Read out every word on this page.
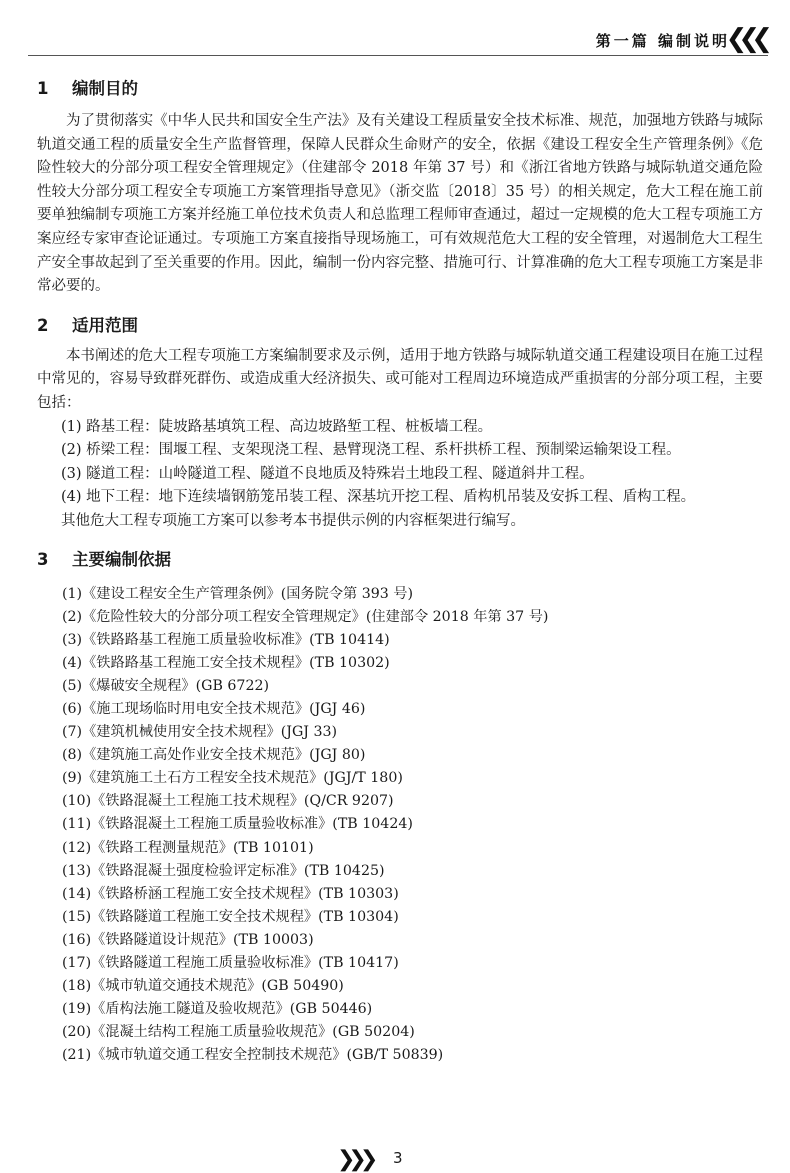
第一篇 编制说明
❮❮❮
1 编制目的

为了贯彻落实《中华人民共和国安全生产法》及有关建设工程质量安全技术标准、规范，加强地方铁路与城际轨道交通工程的质量安全生产监督管理，保障人民群众生命财产的安全，依据《建设工程安全生产管理条例》《危险性较大的分部分项工程安全管理规定》（住建部令 2018 年第 37 号）和《浙江省地方铁路与城际轨道交通危险性较大分部分项工程安全专项施工方案管理指导意见》（浙交监〔2018〕35 号）的相关规定，危大工程在施工前要单独编制专项施工方案并经施工单位技术负责人和总监理工程师审查通过，超过一定规模的危大工程专项施工方案应经专家审查论证通过。专项施工方案直接指导现场施工，可有效规范危大工程的安全管理，对遏制危大工程生产安全事故起到了至关重要的作用。因此，编制一份内容完整、措施可行、计算准确的危大工程专项施工方案是非常必要的。

2 适用范围

本书阐述的危大工程专项施工方案编制要求及示例，适用于地方铁路与城际轨道交通工程建设项目在施工过程中常见的，容易导致群死群伤、或造成重大经济损失、或可能对工程周边环境造成严重损害的分部分项工程，主要包括：

(1) 路基工程：陡坡路基填筑工程、高边坡路堑工程、桩板墙工程。

(2) 桥梁工程：围堰工程、支架现浇工程、悬臂现浇工程、系杆拱桥工程、预制梁运输架设工程。

(3) 隧道工程：山岭隧道工程、隧道不良地质及特殊岩土地段工程、隧道斜井工程。

(4) 地下工程：地下连续墙钢筋笼吊装工程、深基坑开挖工程、盾构机吊装及安拆工程、盾构工程。

其他危大工程专项施工方案可以参考本书提供示例的内容框架进行编写。

3 主要编制依据
(1)《建设工程安全生产管理条例》(国务院令第 393 号)
(2)《危险性较大的分部分项工程安全管理规定》(住建部令 2018 年第 37 号)
(3)《铁路路基工程施工质量验收标准》(TB 10414)
(4)《铁路路基工程施工安全技术规程》(TB 10302)
(5)《爆破安全规程》(GB 6722)
(6)《施工现场临时用电安全技术规范》(JGJ 46)
(7)《建筑机械使用安全技术规程》(JGJ 33)
(8)《建筑施工高处作业安全技术规范》(JGJ 80)
(9)《建筑施工土石方工程安全技术规范》(JGJ/T 180)
(10)《铁路混凝土工程施工技术规程》(Q/CR 9207)
(11)《铁路混凝土工程施工质量验收标准》(TB 10424)
(12)《铁路工程测量规范》(TB 10101)
(13)《铁路混凝土强度检验评定标准》(TB 10425)
(14)《铁路桥涵工程施工安全技术规程》(TB 10303)
(15)《铁路隧道工程施工安全技术规程》(TB 10304)
(16)《铁路隧道设计规范》(TB 10003)
(17)《铁路隧道工程施工质量验收标准》(TB 10417)
(18)《城市轨道交通技术规范》(GB 50490)
(19)《盾构法施工隧道及验收规范》(GB 50446)
(20)《混凝土结构工程施工质量验收规范》(GB 50204)
(21)《城市轨道交通工程安全控制技术规范》(GB/T 50839)
❯❯❯ 3
